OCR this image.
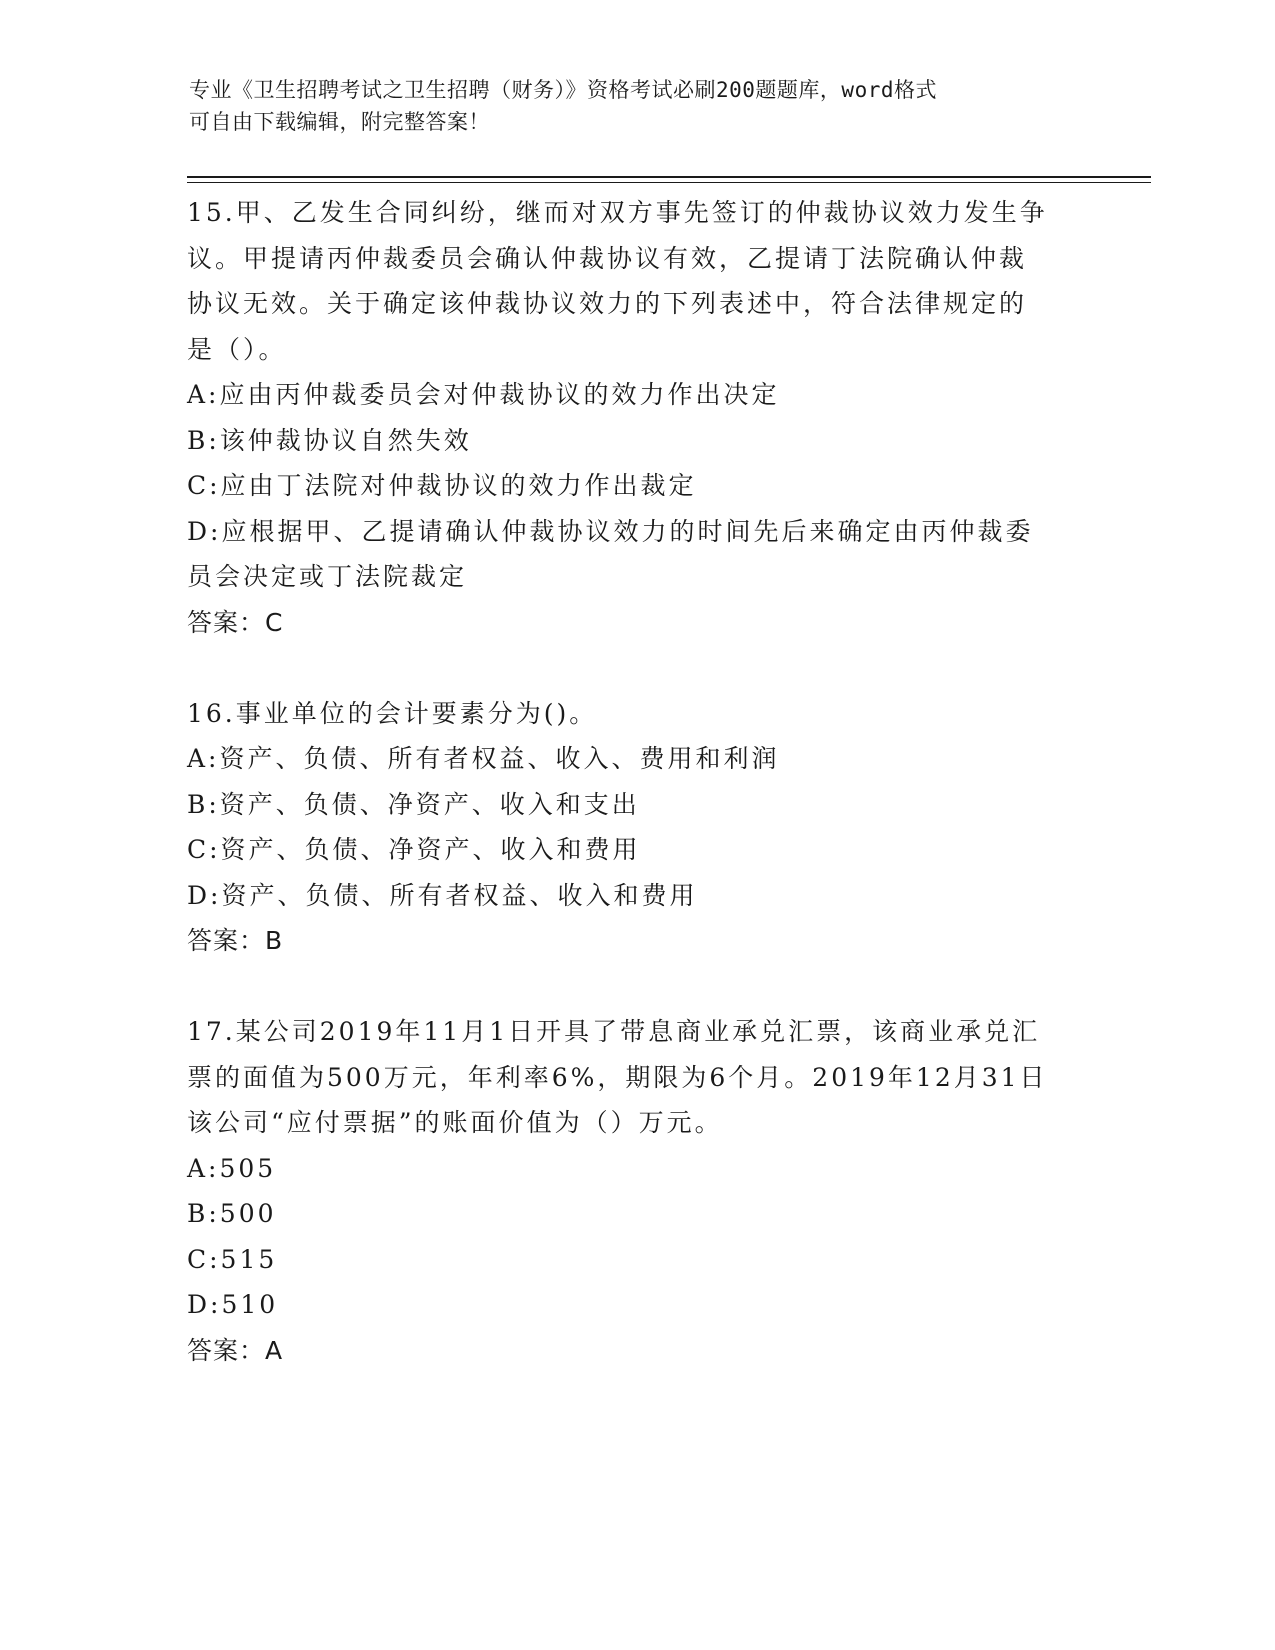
专业《卫生招聘考试之卫生招聘（财务）》资格考试必刷200题题库，word格式

可自由下载编辑，附完整答案！

15.甲、乙发生合同纠纷，继而对双方事先签订的仲裁协议效力发生争

议。甲提请丙仲裁委员会确认仲裁协议有效，乙提请丁法院确认仲裁

协议无效。关于确定该仲裁协议效力的下列表述中，符合法律规定的

是（）。

A:应由丙仲裁委员会对仲裁协议的效力作出决定

B:该仲裁协议自然失效

C:应由丁法院对仲裁协议的效力作出裁定

D:应根据甲、乙提请确认仲裁协议效力的时间先后来确定由丙仲裁委

员会决定或丁法院裁定

答案：C

16.事业单位的会计要素分为()。

A:资产、负债、所有者权益、收入、费用和利润

B:资产、负债、净资产、收入和支出

C:资产、负债、净资产、收入和费用

D:资产、负债、所有者权益、收入和费用

答案：B

17.某公司2019年11月1日开具了带息商业承兑汇票，该商业承兑汇

票的面值为500万元，年利率6%，期限为6个月。2019年12月31日

该公司“应付票据”的账面价值为（）万元。

A:505

B:500

C:515

D:510

答案：A
